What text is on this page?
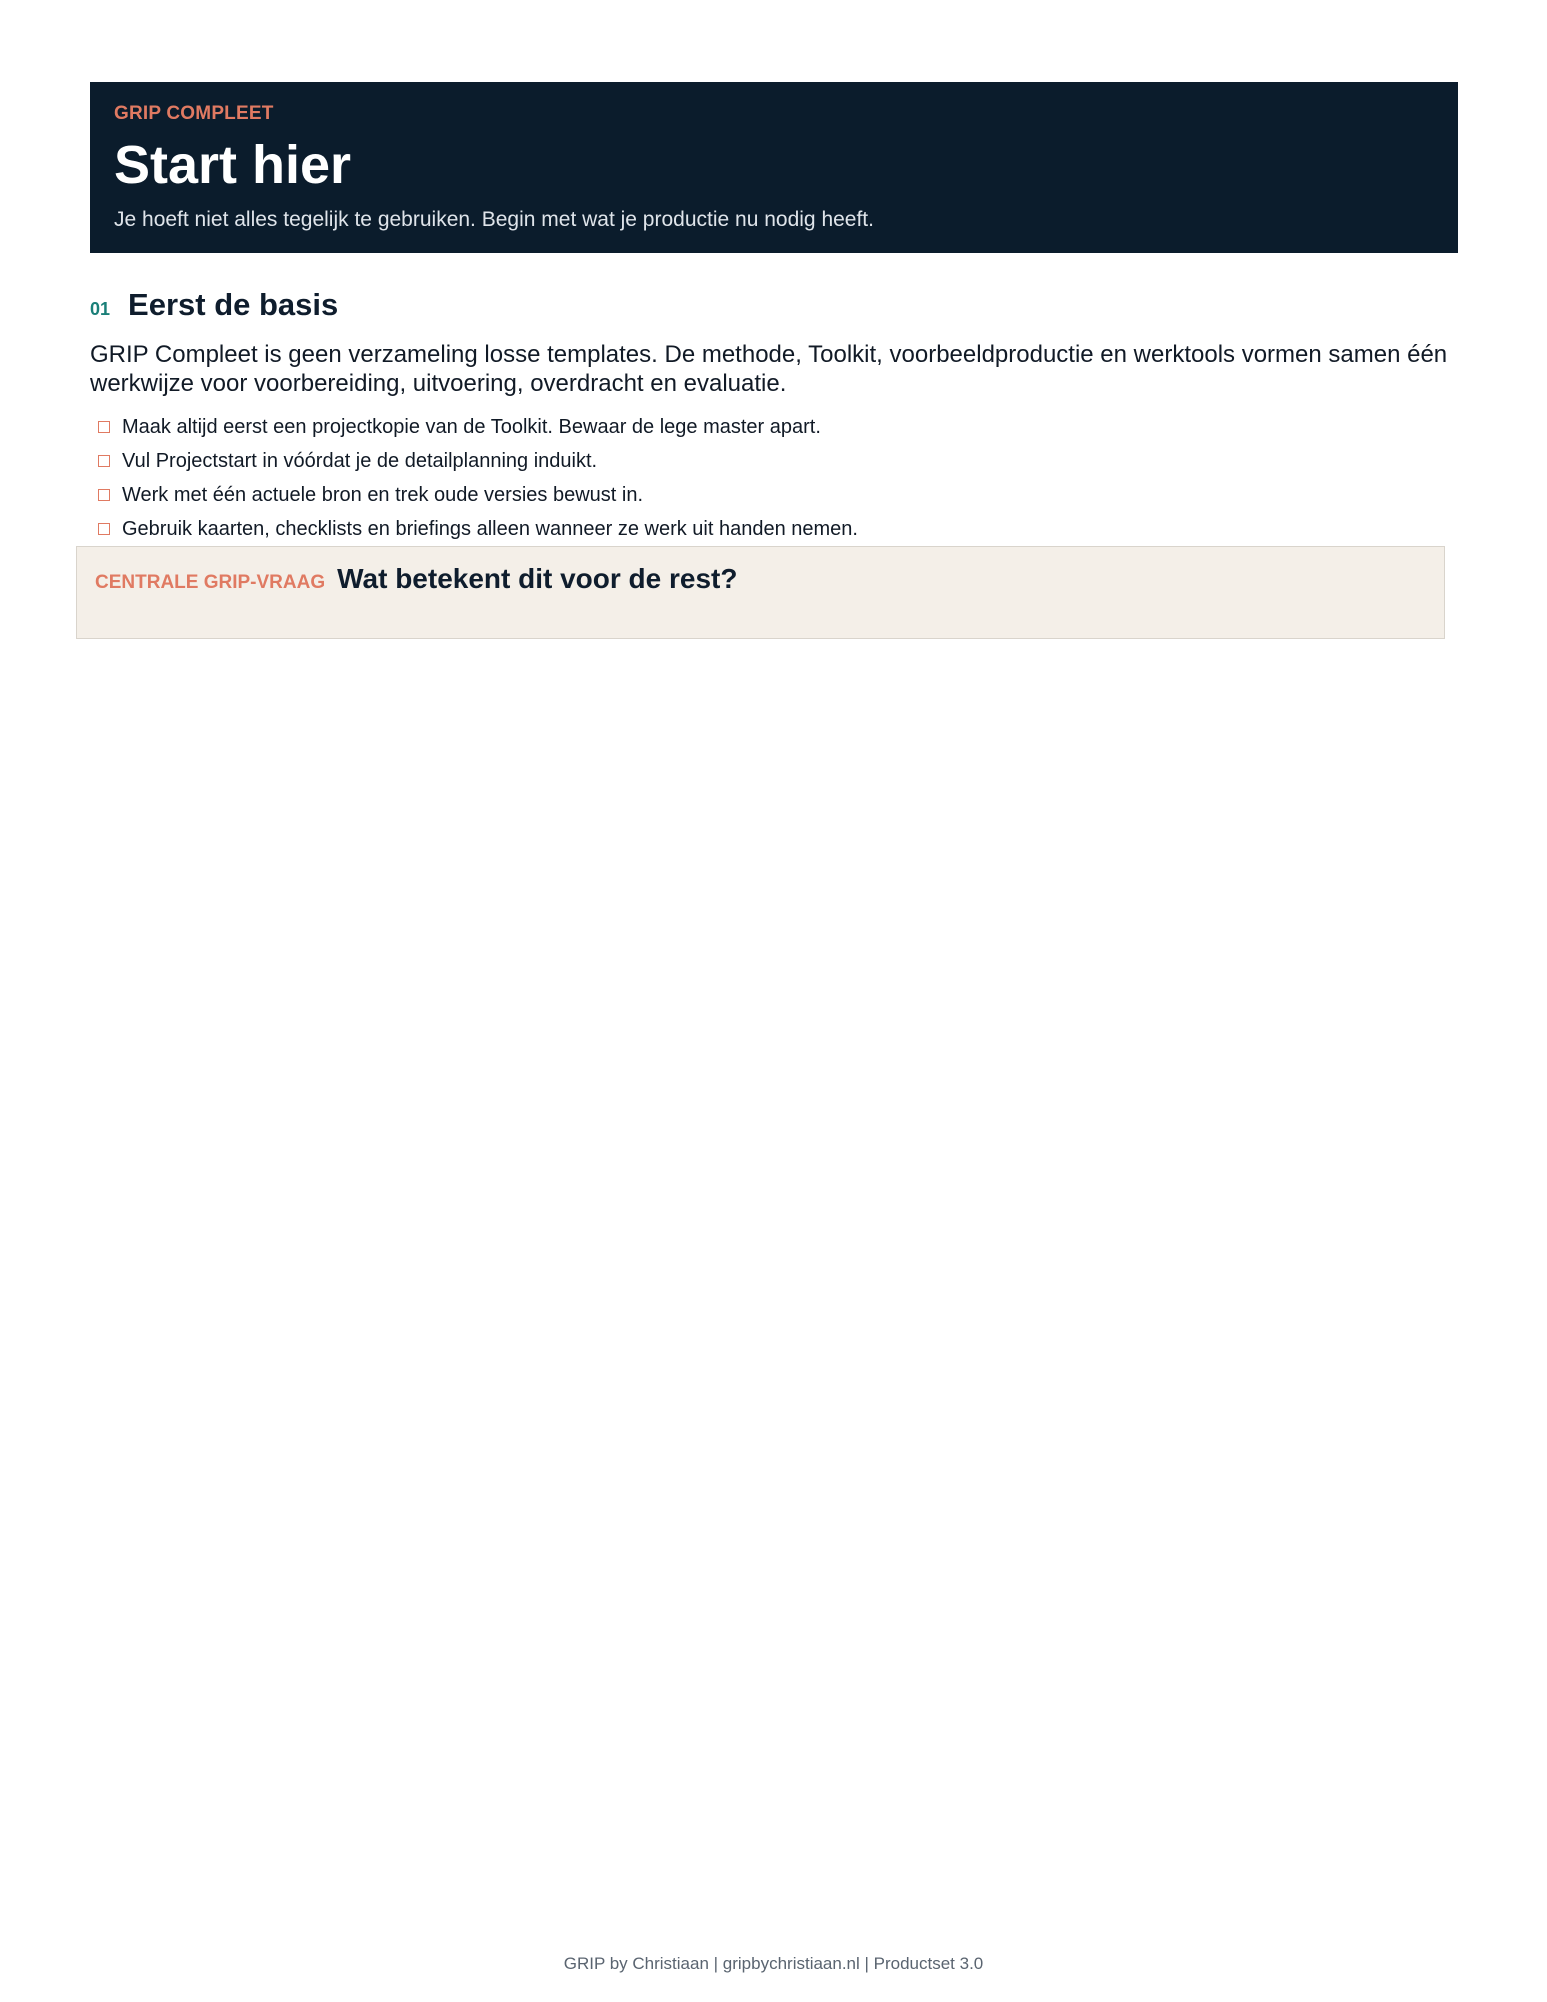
GRIP COMPLEET

Start hier

Je hoeft niet alles tegelijk te gebruiken. Begin met wat je productie nu nodig heeft.

01 Eerst de basis

GRIP Compleet is geen verzameling losse templates. De methode, Toolkit, voorbeeldproductie en werktools vormen samen één werkwijze voor voorbereiding, uitvoering, overdracht en evaluatie.

Maak altijd eerst een projectkopie van de Toolkit. Bewaar de lege master apart.
Vul Projectstart in vóórdat je de detailplanning induikt.
Werk met één actuele bron en trek oude versies bewust in.
Gebruik kaarten, checklists en briefings alleen wanneer ze werk uit handen nemen.
CENTRALE GRIP-VRAAG Wat betekent dit voor de rest?
GRIP by Christiaan | gripbychristiaan.nl | Productset 3.0
